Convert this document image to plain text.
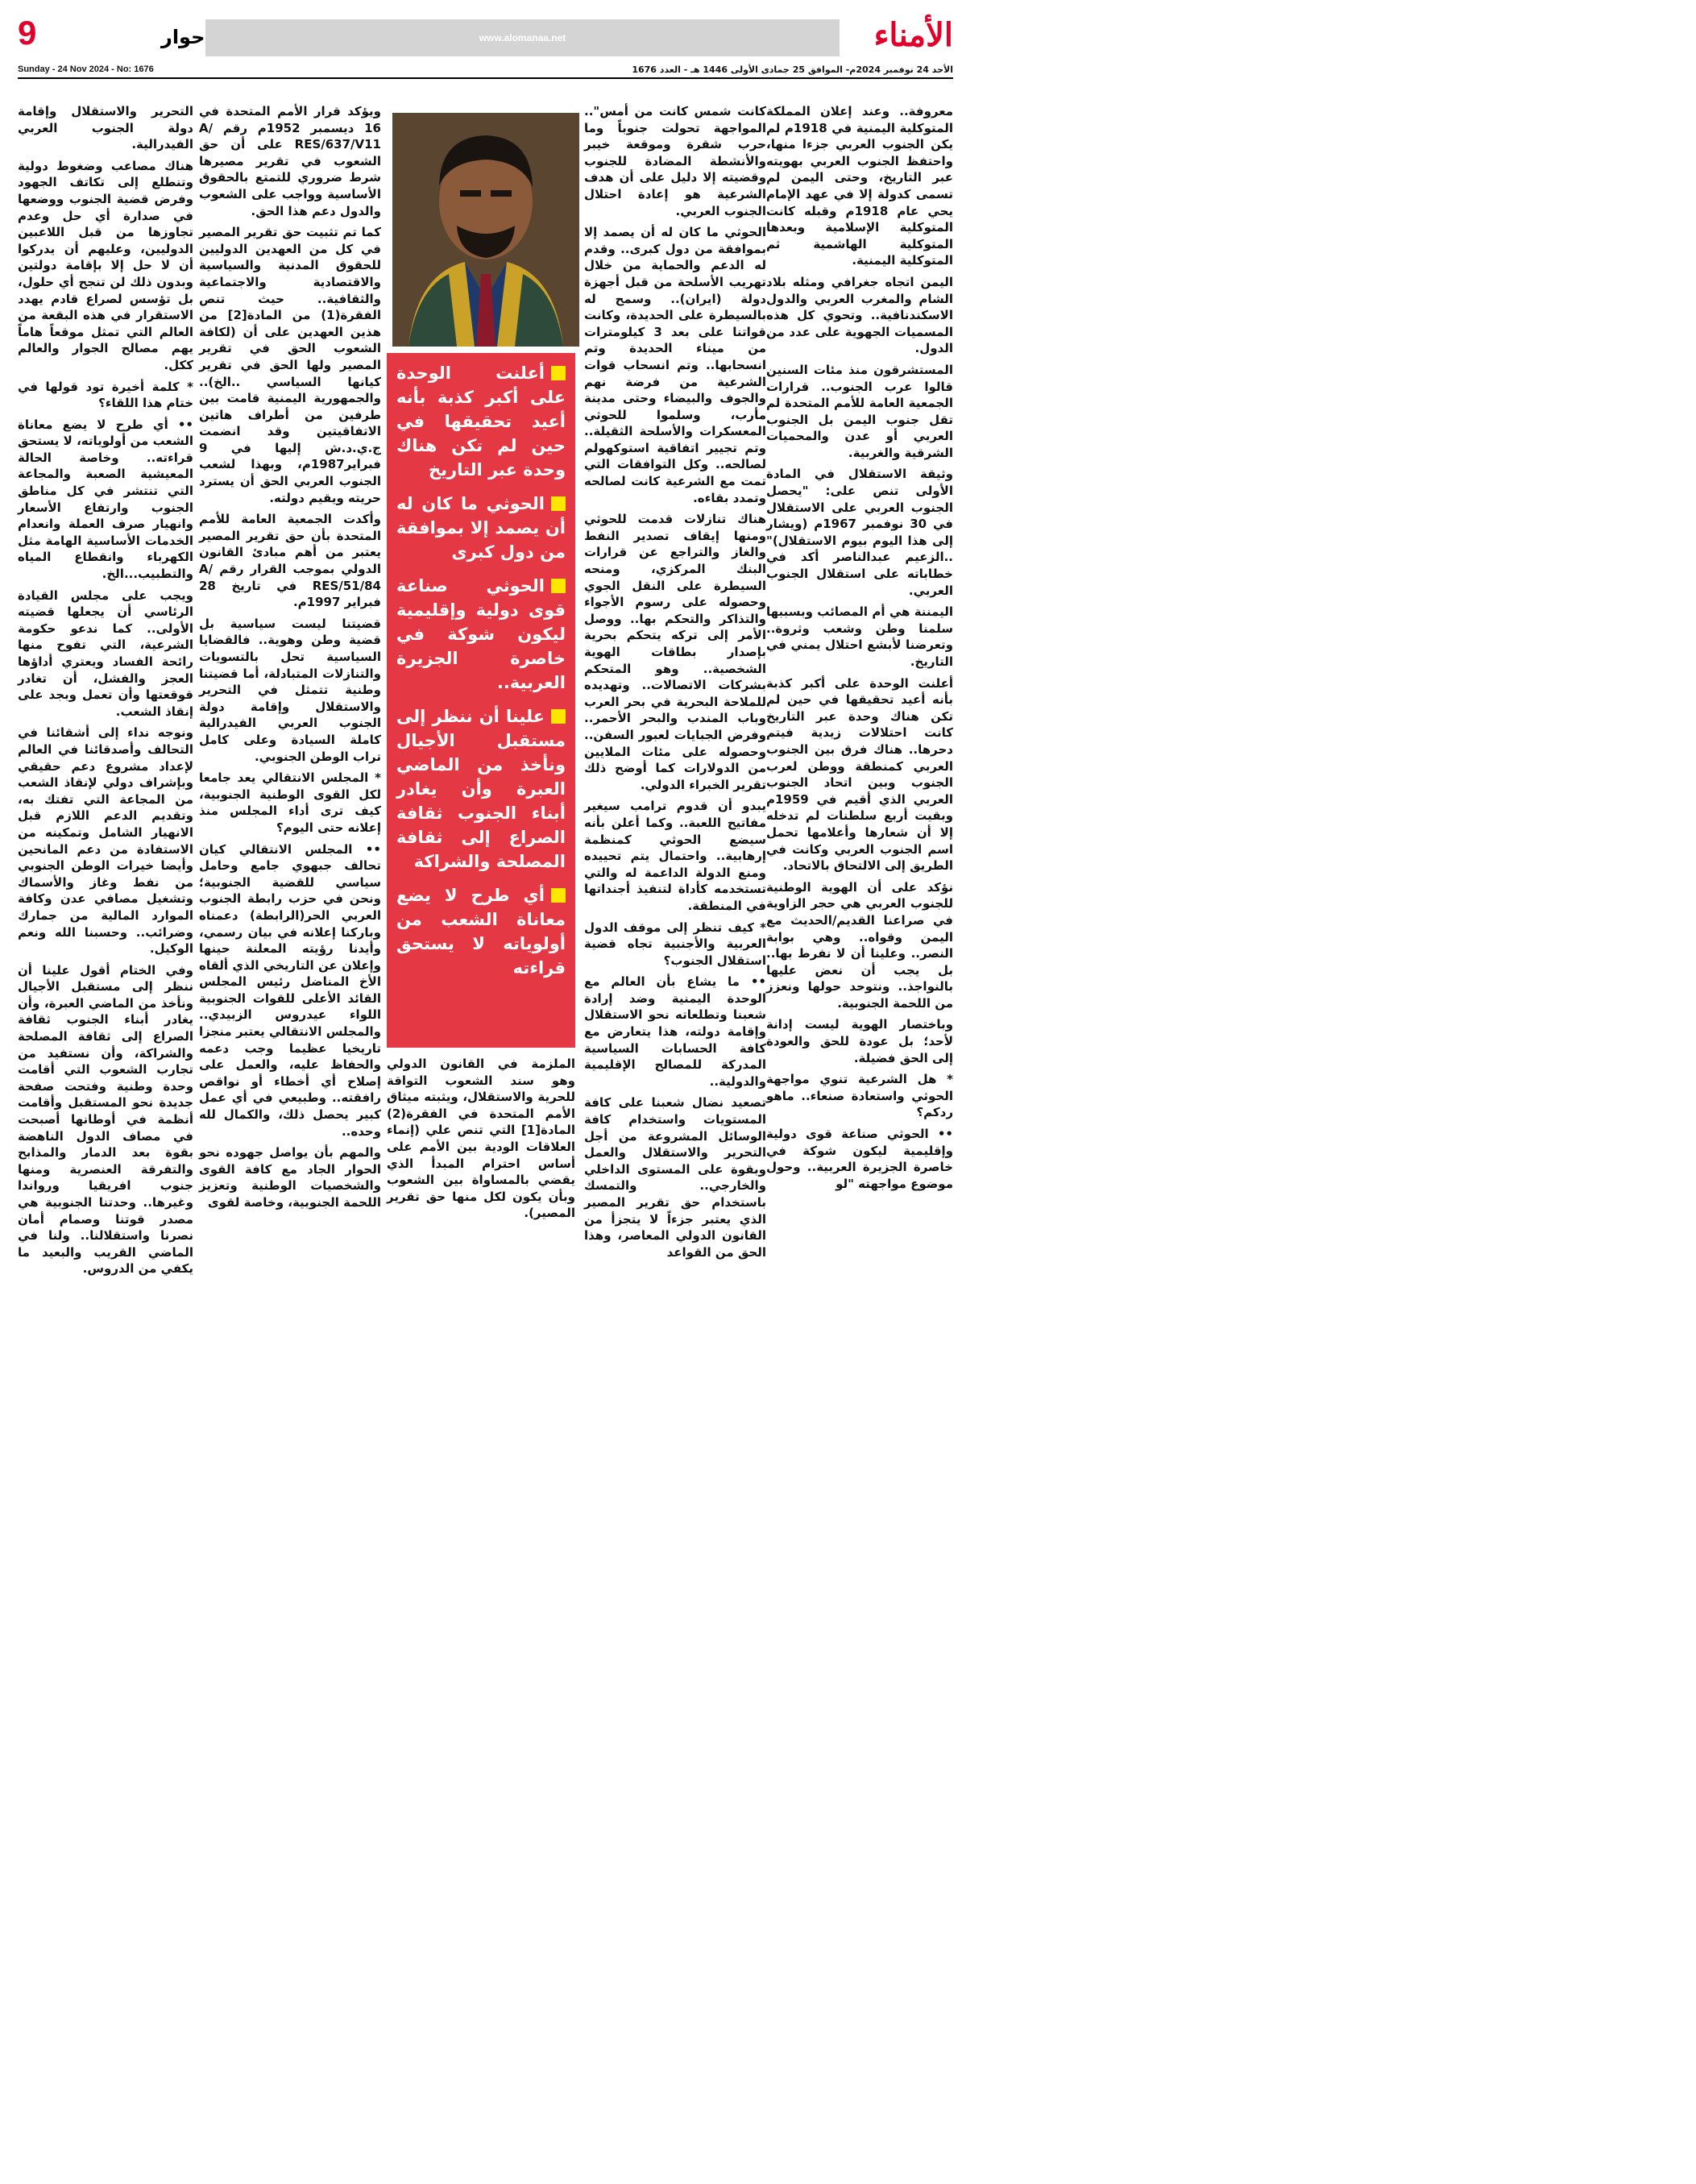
www.alomanaa.net
9	حوار	الأمناء
Sunday - 24 Nov 2024 - No: 1676	الأحد 24 نوفمبر 2024م- الموافق 25 جمادى الأولى 1446 هـ - العدد 1676

معروفة.. وعند إعلان المملكة المتوكلية اليمنية في 1918م لم يكن الجنوب العربي جزءا منها، واحتفظ الجنوب العربي بهويته عبر التاريخ، وحتى اليمن لم تسمى كدولة إلا في عهد الإمام يحي عام 1918م وقبله كانت المتوكلية الإسلامية وبعدها المتوكلية الهاشمية ثم المتوكلية اليمنية.

اليمن اتجاه جغرافي ومثله بلاد الشام والمغرب العربي والدول الاسكندنافية.. وتحوي كل هذه المسميات الجهوية على عدد من الدول.

المستشرقون منذ مئات السنين قالوا عرب الجنوب.. قرارات الجمعية العامة للأمم المتحدة لم تقل جنوب اليمن بل الجنوب العربي أو عدن والمحميات الشرقية والغربية.

وثيقة الاستقلال في المادة الأولى تنص على: "يحصل الجنوب العربي على الاستقلال في 30 نوفمبر 1967م (ويشار إلى هذا اليوم بيوم الاستقلال)" ..الزعيم عبدالناصر أكد في خطاباته على استقلال الجنوب العربي.

اليمننة هي أم المصائب وبسببها سلمنا وطن وشعب وثروة.. وتعرضنا لأبشع احتلال يمني في التاريخ.

أعلنت الوحدة على أكبر كذبة بأنه أعيد تحقيقها في حين لم تكن هناك وحدة عبر التاريخ كانت احتلالات زيدية فيتم دحرها.. هناك فرق بين الجنوب العربي كمنطقة ووطن لعرب الجنوب وبين اتحاد الجنوب العربي الذي أقيم في 1959م وبقيت أربع سلطنات لم تدخله إلا أن شعارها وأعلامها تحمل اسم الجنوب العربي وكانت في الطريق إلى الالتحاق بالاتحاد.

نؤكد على أن الهوية الوطنية للجنوب العربي هي حجر الزاوية في صراعنا القديم/الحديث مع اليمن وقواه.. وهي بوابة النصر.. وعلينا أن لا نفرط بها.. بل يجب أن نعض عليها بالنواجذ.. ونتوحد حولها ونعزز من اللحمة الجنوبية.

وباختصار الهوية ليست إدانة لأحد؛ بل عودة للحق والعودة إلى الحق فضيلة.

* هل الشرعية تنوي مواجهة الحوثي واستعادة صنعاء.. ماهو ردكم؟

•• الحوثي صناعة قوى دولية وإقليمية ليكون شوكة في خاصرة الجزيرة العربية.. وحول موضوع مواجهته "لو

كانت شمس كانت من أمس".. المواجهة تحولت جنوباً وما حرب شقرة وموقعة خيبر والأنشطة المضادة للجنوب وقضيته إلا دليل على أن هدف الشرعية هو إعادة احتلال الجنوب العربي.

الحوثي ما كان له أن يصمد إلا بموافقة من دول كبرى.. وقدم له الدعم والحماية من خلال تهريب الأسلحة من قبل أجهزة دولة (ايران).. وسمح له بالسيطرة على الحديدة، وكانت قواتنا على بعد 3 كيلومترات من ميناء الحديدة وتم انسحابها.. وتم انسحاب قوات الشرعية من فرضة نهم والجوف والبيضاء وحتى مدينة مأرب، وسلموا للحوثي المعسكرات والأسلحة الثقيلة.. وتم تجيير اتفاقية استوكهولم لصالحه.. وكل التوافقات التي تمت مع الشرعية كانت لصالحه وتمدد بقاءه.

هناك تنازلات قدمت للحوثي ومنها إيقاف تصدير النفط والغاز والتراجع عن قرارات البنك المركزي، ومنحه السيطرة على النقل الجوي وحصوله على رسوم الأجواء والتذاكر والتحكم بها.. ووصل الأمر إلى تركه يتحكم بحرية بإصدار بطاقات الهوية الشخصية.. وهو المتحكم بشركات الاتصالات.. وتهديده للملاحة البحرية في بحر العرب وباب المندب والبحر الأحمر.. وفرض الجبايات لعبور السفن.. وحصوله على مئات الملايين من الدولارات كما أوضح ذلك تقرير الخبراء الدولي.

يبدو أن قدوم ترامب سيغير مفاتيح اللعبة.. وكما أعلن بأنه سيضع الحوثي كمنظمة إرهابية.. واحتمال يتم تحييده ومنع الدولة الداعمة له والتي تستخدمه كأداة لتنفيذ أجنداتها في المنطقة.

* كيف تنظر إلى موقف الدول العربية والأجنبية تجاه قضية استقلال الجنوب؟

•• ما يشاع بأن العالم مع الوحدة اليمنية وضد إرادة شعبنا وتطلعاته نحو الاستقلال وإقامة دولته، هذا يتعارض مع كافة الحسابات السياسية المدركة للمصالح الإقليمية والدولية..

تصعيد نضال شعبنا على كافة المستويات واستخدام كافة الوسائل المشروعة من أجل التحرير والاستقلال والعمل وبقوة على المستوى الداخلي والخارجي.. والتمسك باستخدام حق تقرير المصير الذي يعتبر جزءاً لا يتجزأ من القانون الدولي المعاصر، وهذا الحق من القواعد

أعلنت الوحدة على أكبر كذبة بأنه أعيد تحقيقها في حين لم تكن هناك وحدة عبر التاريخ

الحوثي ما كان له أن يصمد إلا بموافقة من دول كبرى

الحوثي صناعة قوى دولية وإقليمية ليكون شوكة في خاصرة الجزيرة العربية..

علينا أن ننظر إلى مستقبل الأجيال ونأخذ من الماضي العبرة وأن يغادر أبناء الجنوب ثقافة الصراع إلى ثقافة المصلحة والشراكة

أي طرح لا يضع معاناة الشعب من أولوياته لا يستحق قراءته

الملزمة في القانون الدولي وهو سند الشعوب التواقة للحرية والاستقلال، ويثبته ميثاق الأمم المتحدة في الفقرة(2) المادة[1] التي تنص علي (إنماء العلاقات الودية بين الأمم على أساس احترام المبدأ الذي يقضي بالمساواة بين الشعوب وبأن يكون لكل منها حق تقرير المصير).

ويؤكد قرار الأمم المتحدة في 16 ديسمبر 1952م رقم A/ RES/637/V11 على أن حق الشعوب في تقرير مصيرها شرط ضروري للتمتع بالحقوق الأساسية وواجب على الشعوب والدول دعم هذا الحق.

كما تم تثبيت حق تقرير المصير في كل من العهدين الدوليين للحقوق المدنية والسياسية والاقتصادية والاجتماعية والثقافية.. حيث تنص الفقرة(1) من المادة[2] من هذين العهدين على أن (لكافة الشعوب الحق في تقرير المصير ولها الحق في تقرير كيانها السياسي ..الخ).. والجمهورية اليمنية قامت بين طرفين من أطراف هاتين الاتفاقيتين وقد انضمت ج.ي.د.ش إليها في 9 فبراير1987م، وبهذا لشعب الجنوب العربي الحق أن يسترد حريته ويقيم دولته.

وأكدت الجمعية العامة للأمم المتحدة بأن حق تقرير المصير يعتبر من أهم مبادئ القانون الدولي بموجب القرار رقم A/ RES/51/84 في تاريخ 28 فبراير 1997م.

قضيتنا ليست سياسية بل قضية وطن وهوية.. فالقضايا السياسية تحل بالتسويات والتنازلات المتبادلة، أما قضيتنا وطنية تتمثل في التحرير والاستقلال وإقامة دولة الجنوب العربي الفيدرالية كاملة السيادة وعلى كامل تراب الوطن الجنوبي.

* المجلس الانتقالي يعد جامعا لكل القوى الوطنية الجنوبية، كيف ترى أداء المجلس منذ إعلانه حتى اليوم؟

•• المجلس الانتقالي كيان تحالف جبهوي جامع وحامل سياسي للقضية الجنوبية؛ ونحن في حزب رابطة الجنوب العربي الحر(الرابطة) دعمناه وباركنا إعلانه في بيان رسمي، وأيدنا رؤيته المعلنة حينها وإعلان عن التاريخي الذي ألقاه الأخ المناضل رئيس المجلس القائد الأعلى للقوات الجنوبية اللواء عيدروس الزبيدي.. والمجلس الانتقالي يعتبر منجزا تاريخيا عظيما وجب دعمه والحفاظ عليه، والعمل على إصلاح أي أخطاء أو نواقص رافقته.. وطبيعي في أي عمل كبير يحصل ذلك، والكمال لله وحده..

والمهم بأن يواصل جهوده نحو الحوار الجاد مع كافة القوى والشخصيات الوطنية وتعزيز اللحمة الجنوبية، وخاصة لقوى

التحرير والاستقلال وإقامة دولة الجنوب العربي الفيدرالية.

هناك مصاعب وضغوط دولية وتنطلع إلى تكاتف الجهود وفرض قضية الجنوب ووضعها في صدارة أي حل وعدم تجاوزها من قبل اللاعبين الدوليين، وعليهم أن يدركوا أن لا حل إلا بإقامة دولتين وبدون ذلك لن تنجح أي حلول، بل تؤسس لصراع قادم يهدد الاستقرار في هذه البقعة من العالم التي تمثل موقعاً هاماً يهم مصالح الجوار والعالم ككل.

* كلمة أخيرة تود قولها في ختام هذا اللقاء؟

•• أي طرح لا يضع معاناة الشعب من أولوياته، لا يستحق قراءته.. وخاصة الحالة المعيشية الصعبة والمجاعة التي تنتشر في كل مناطق الجنوب وارتفاع الأسعار وانهيار صرف العملة وانعدام الخدمات الأساسية الهامة مثل الكهرباء وانقطاع المياه والتطبيب...الخ.

ويجب على مجلس القيادة الرئاسي أن يجعلها قضيته الأولى.. كما ندعو حكومة الشرعية، التي تفوح منها رائحة الفساد ويعتري أداؤها العجز والفشل، أن تغادر قوقعتها وأن تعمل وبجد على إنقاذ الشعب.

ونوجه نداء إلى أشقائنا في التحالف وأصدقائنا في العالم لإعداد مشروع دعم حقيقي وبإشراف دولي لإنقاذ الشعب من المجاعة التي تفتك به، وتقديم الدعم اللازم قبل الانهيار الشامل وتمكينه من الاستفادة من دعم المانحين وأيضا خيرات الوطن الجنوبي من نفط وغاز والأسماك وتشغيل مصافي عدن وكافة الموارد المالية من جمارك وضرائب.. وحسبنا الله ونعم الوكيل.

وفي الختام أقول علينا أن ننظر إلى مستقبل الأجيال ونأخذ من الماضي العبرة، وأن يغادر أبناء الجنوب ثقافة الصراع إلى ثقافة المصلحة والشراكة، وأن نستفيد من تجارب الشعوب التي أقامت وحدة وطنية وفتحت صفحة جديدة نحو المستقبل وأقامت أنظمة في أوطانها أصبحت في مصاف الدول الناهضة بقوة بعد الدمار والمذابح والتفرقة العنصرية ومنها جنوب افريقيا ورواندا وغيرها.. وحدتنا الجنوبية هي مصدر قوتنا وصمام أمان نصرنا واستقلالنا.. ولنا في الماضي القريب والبعيد ما يكفي من الدروس.
